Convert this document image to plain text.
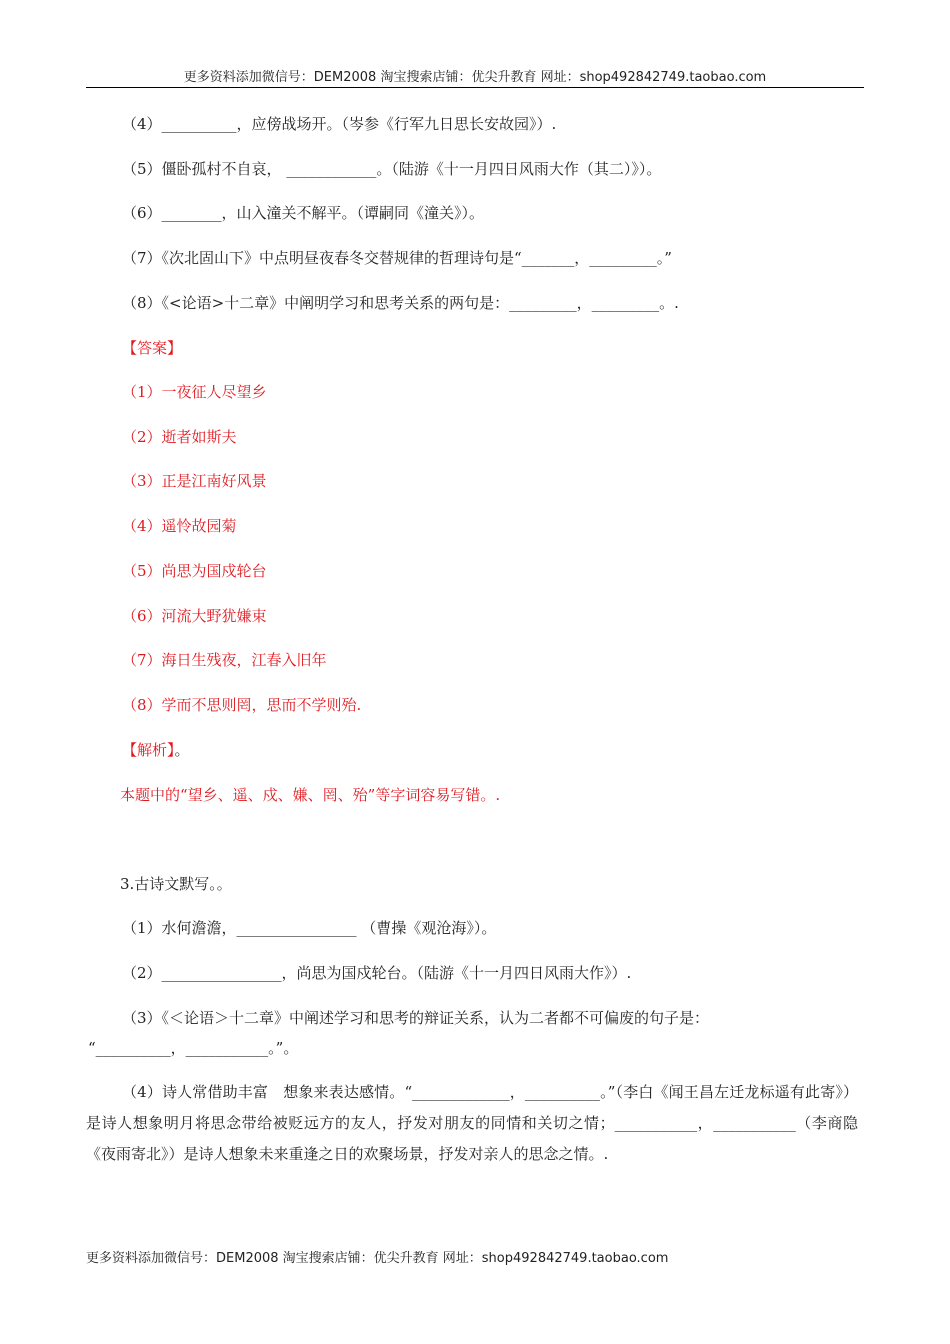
更多资料添加微信号：DEM2008 淘宝搜索店铺：优尖升教育 网址：shop492842749.taobao.com
（4）__________，应傍战场开。（岑参《行军九日思长安故园》）.
（5）僵卧孤村不自哀， ____________。（陆游《十一月四日风雨大作（其二）》）。
（6）________，山入潼关不解平。（谭嗣同《潼关》）。
（7）《次北固山下》中点明昼夜春冬交替规律的哲理诗句是“_______，_________。”
（8）《<论语>十二章》中阐明学习和思考关系的两句是：_________，_________。.
【答案】
（1）一夜征人尽望乡
（2）逝者如斯夫
（3）正是江南好风景
（4）遥怜故园菊
（5）尚思为国戍轮台
（6）河流大野犹嫌束
（7）海日生残夜，江春入旧年
（8）学而不思则罔，思而不学则殆.
【解析】。
本题中的“望乡、遥、戍、嫌、罔、殆”等字词容易写错。.
3.古诗文默写。。
（1）水何澹澹，________________ （曹操《观沧海》）。
（2）________________，尚思为国戍轮台。（陆游《十一月四日风雨大作》）.
（3）《＜论语＞十二章》中阐述学习和思考的辩证关系，认为二者都不可偏废的句子是：
“__________，___________。”。
（4）诗人常借助丰富　想象来表达感情。“_____________，__________。”（李白《闻王昌左迁龙标遥有此寄》）是诗人想象明月将思念带给被贬远方的友人，抒发对朋友的同情和关切之情；___________，___________（李商隐《夜雨寄北》）是诗人想象未来重逢之日的欢聚场景，抒发对亲人的思念之情。.
更多资料添加微信号：DEM2008 淘宝搜索店铺：优尖升教育 网址：shop492842749.taobao.com
